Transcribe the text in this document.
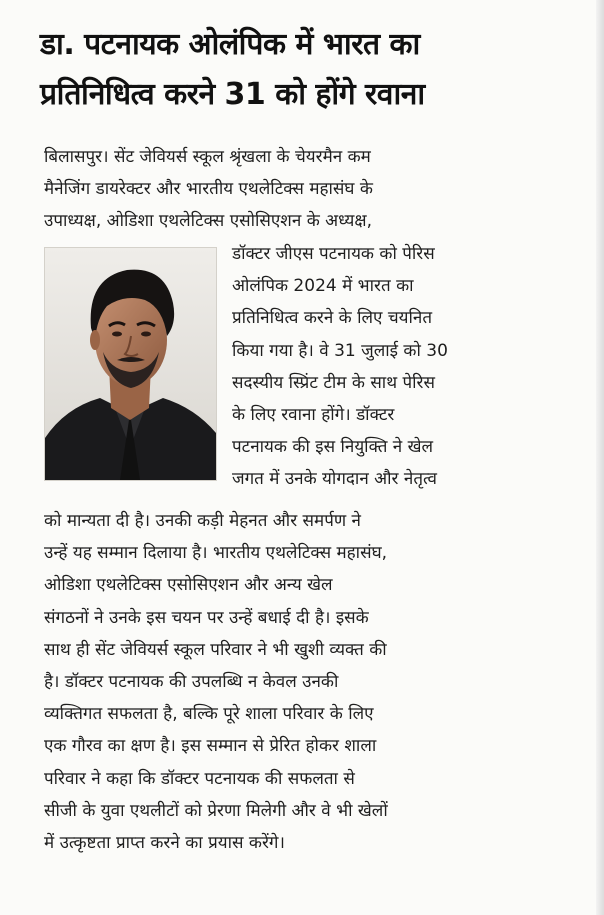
डा. पटनायक ओलंपिक में भारत का
प्रतिनिधित्व करने 31 को होंगे रवाना
बिलासपुर। सेंट जेवियर्स स्कूल श्रृंखला के चेयरमैन कम
मैनेजिंग डायरेक्टर और भारतीय एथलेटिक्स महासंघ के
उपाध्यक्ष, ओडिशा एथलेटिक्स एसोसिएशन के अध्यक्ष,
डॉक्टर जीएस पटनायक को पेरिस
ओलंपिक 2024 में भारत का
प्रतिनिधित्व करने के लिए चयनित
किया गया है। वे 31 जुलाई को 30
सदस्यीय स्प्रिंट टीम के साथ पेरिस
के लिए रवाना होंगे। डॉक्टर
पटनायक की इस नियुक्ति ने खेल
जगत में उनके योगदान और नेतृत्व
को मान्यता दी है। उनकी कड़ी मेहनत और समर्पण ने
उन्हें यह सम्मान दिलाया है। भारतीय एथलेटिक्स महासंघ,
ओडिशा एथलेटिक्स एसोसिएशन और अन्य खेल
संगठनों ने उनके इस चयन पर उन्हें बधाई दी है। इसके
साथ ही सेंट जेवियर्स स्कूल परिवार ने भी खुशी व्यक्त की
है। डॉक्टर पटनायक की उपलब्धि न केवल उनकी
व्यक्तिगत सफलता है, बल्कि पूरे शाला परिवार के लिए
एक गौरव का क्षण है। इस सम्मान से प्रेरित होकर शाला
परिवार ने कहा कि डॉक्टर पटनायक की सफलता से
सीजी के युवा एथलीटों को प्रेरणा मिलेगी और वे भी खेलों
में उत्कृष्टता प्राप्त करने का प्रयास करेंगे।
